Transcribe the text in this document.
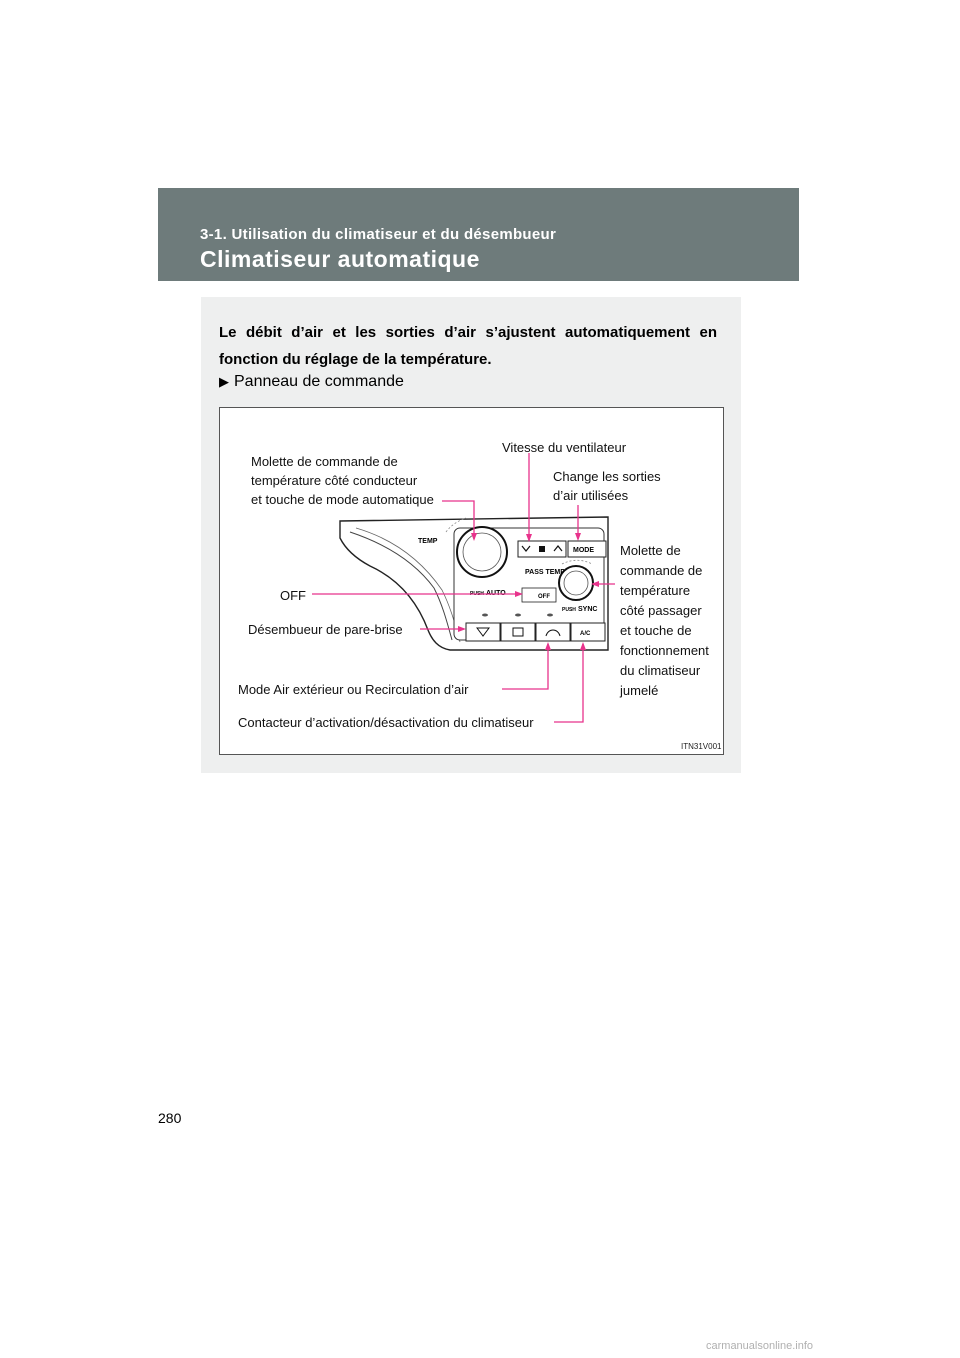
3-1. Utilisation du climatiseur et du désembueur
Climatiseur automatique
Le débit d’air et les sorties d’air s’ajustent automatiquement en fonction du réglage de la température.
▶ Panneau de commande
TEMP
MODE
PASS TEMP
PUSH AUTO	OFF
PUSH SYNC
A/C
Vitesse du ventilateur
Molette de commande de
température côté conducteur
et touche de mode automatique
Change les sorties
d’air utilisées
Molette de
commande de
température
côté passager
et touche de
fonctionnement
du climatiseur
jumelé
OFF
Désembueur de pare-brise
Mode Air extérieur ou Recirculation d’air
Contacteur d’activation/désactivation du climatiseur
ITN31V001
280
carmanualsonline.info
